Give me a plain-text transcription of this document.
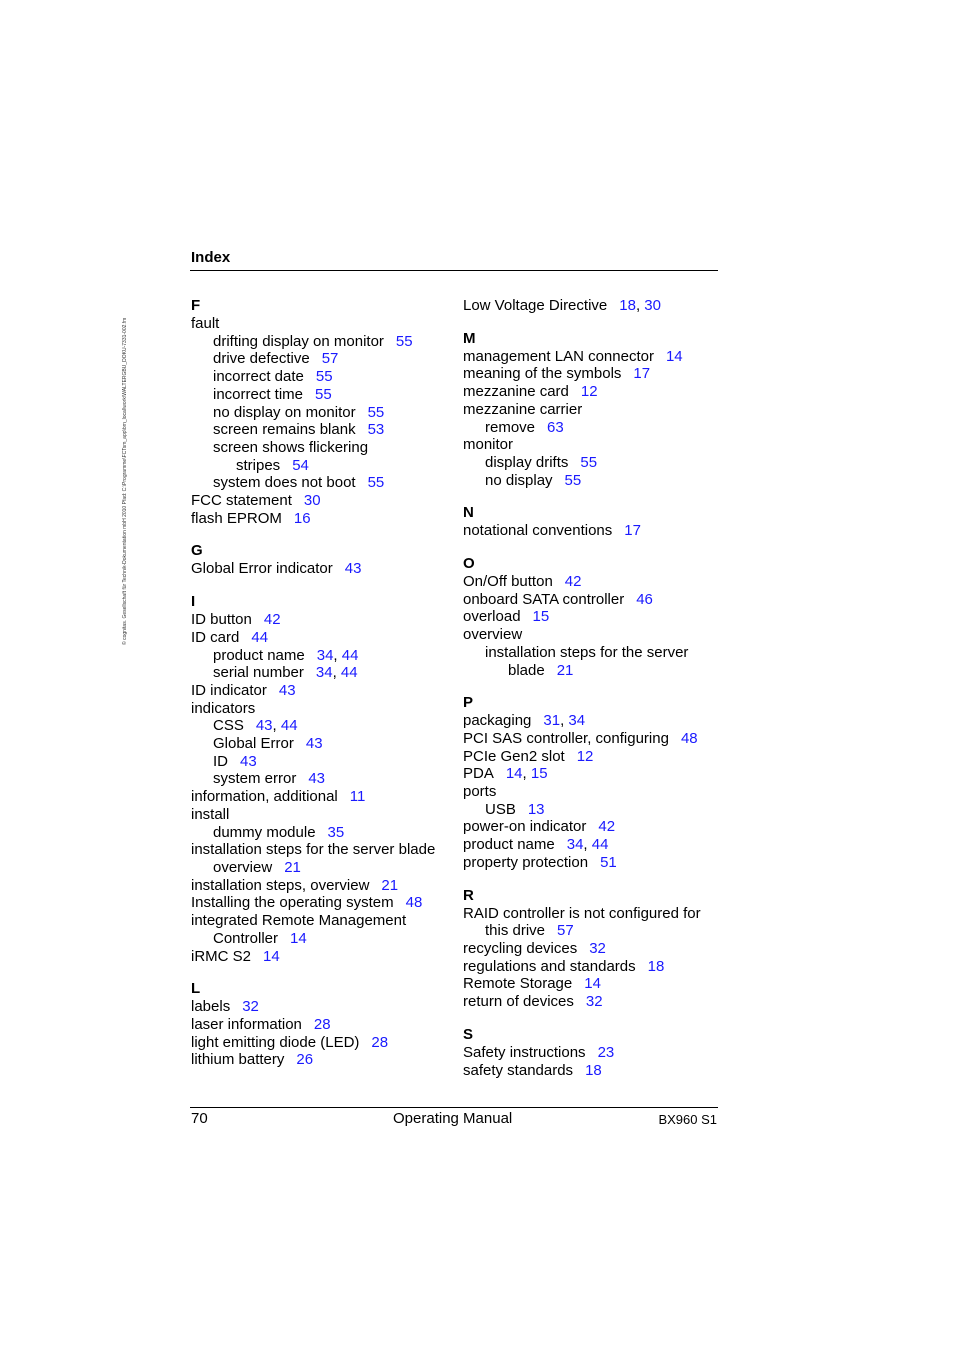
© cognitas. Gesellschaft für Technik-Dokumentation mbH 2010 Pfad: C:\Programme\FCTsm_app\bm_local\work\WALTERGBU_DOKU-7331-002.fm
Index
F
fault
drifting display on monitor 55
drive defective 57
incorrect date 55
incorrect time 55
no display on monitor 55
screen remains blank 53
screen shows flickering
stripes 54
system does not boot 55
FCC statement 30
flash EPROM 16
G
Global Error indicator 43
I
ID button 42
ID card 44
product name 34, 44
serial number 34, 44
ID indicator 43
indicators
CSS 43, 44
Global Error 43
ID 43
system error 43
information, additional 11
install
dummy module 35
installation steps for the server blade
overview 21
installation steps, overview 21
Installing the operating system 48
integrated Remote Management
Controller 14
iRMC S2 14
L
labels 32
laser information 28
light emitting diode (LED) 28
lithium battery 26
Low Voltage Directive 18, 30
M
management LAN connector 14
meaning of the symbols 17
mezzanine card 12
mezzanine carrier
remove 63
monitor
display drifts 55
no display 55
N
notational conventions 17
O
On/Off button 42
onboard SATA controller 46
overload 15
overview
installation steps for the server
blade 21
P
packaging 31, 34
PCI SAS controller, configuring 48
PCIe Gen2 slot 12
PDA 14, 15
ports
USB 13
power-on indicator 42
product name 34, 44
property protection 51
R
RAID controller is not configured for
this drive 57
recycling devices 32
regulations and standards 18
Remote Storage 14
return of devices 32
S
Safety instructions 23
safety standards 18
70	Operating Manual	BX960 S1
